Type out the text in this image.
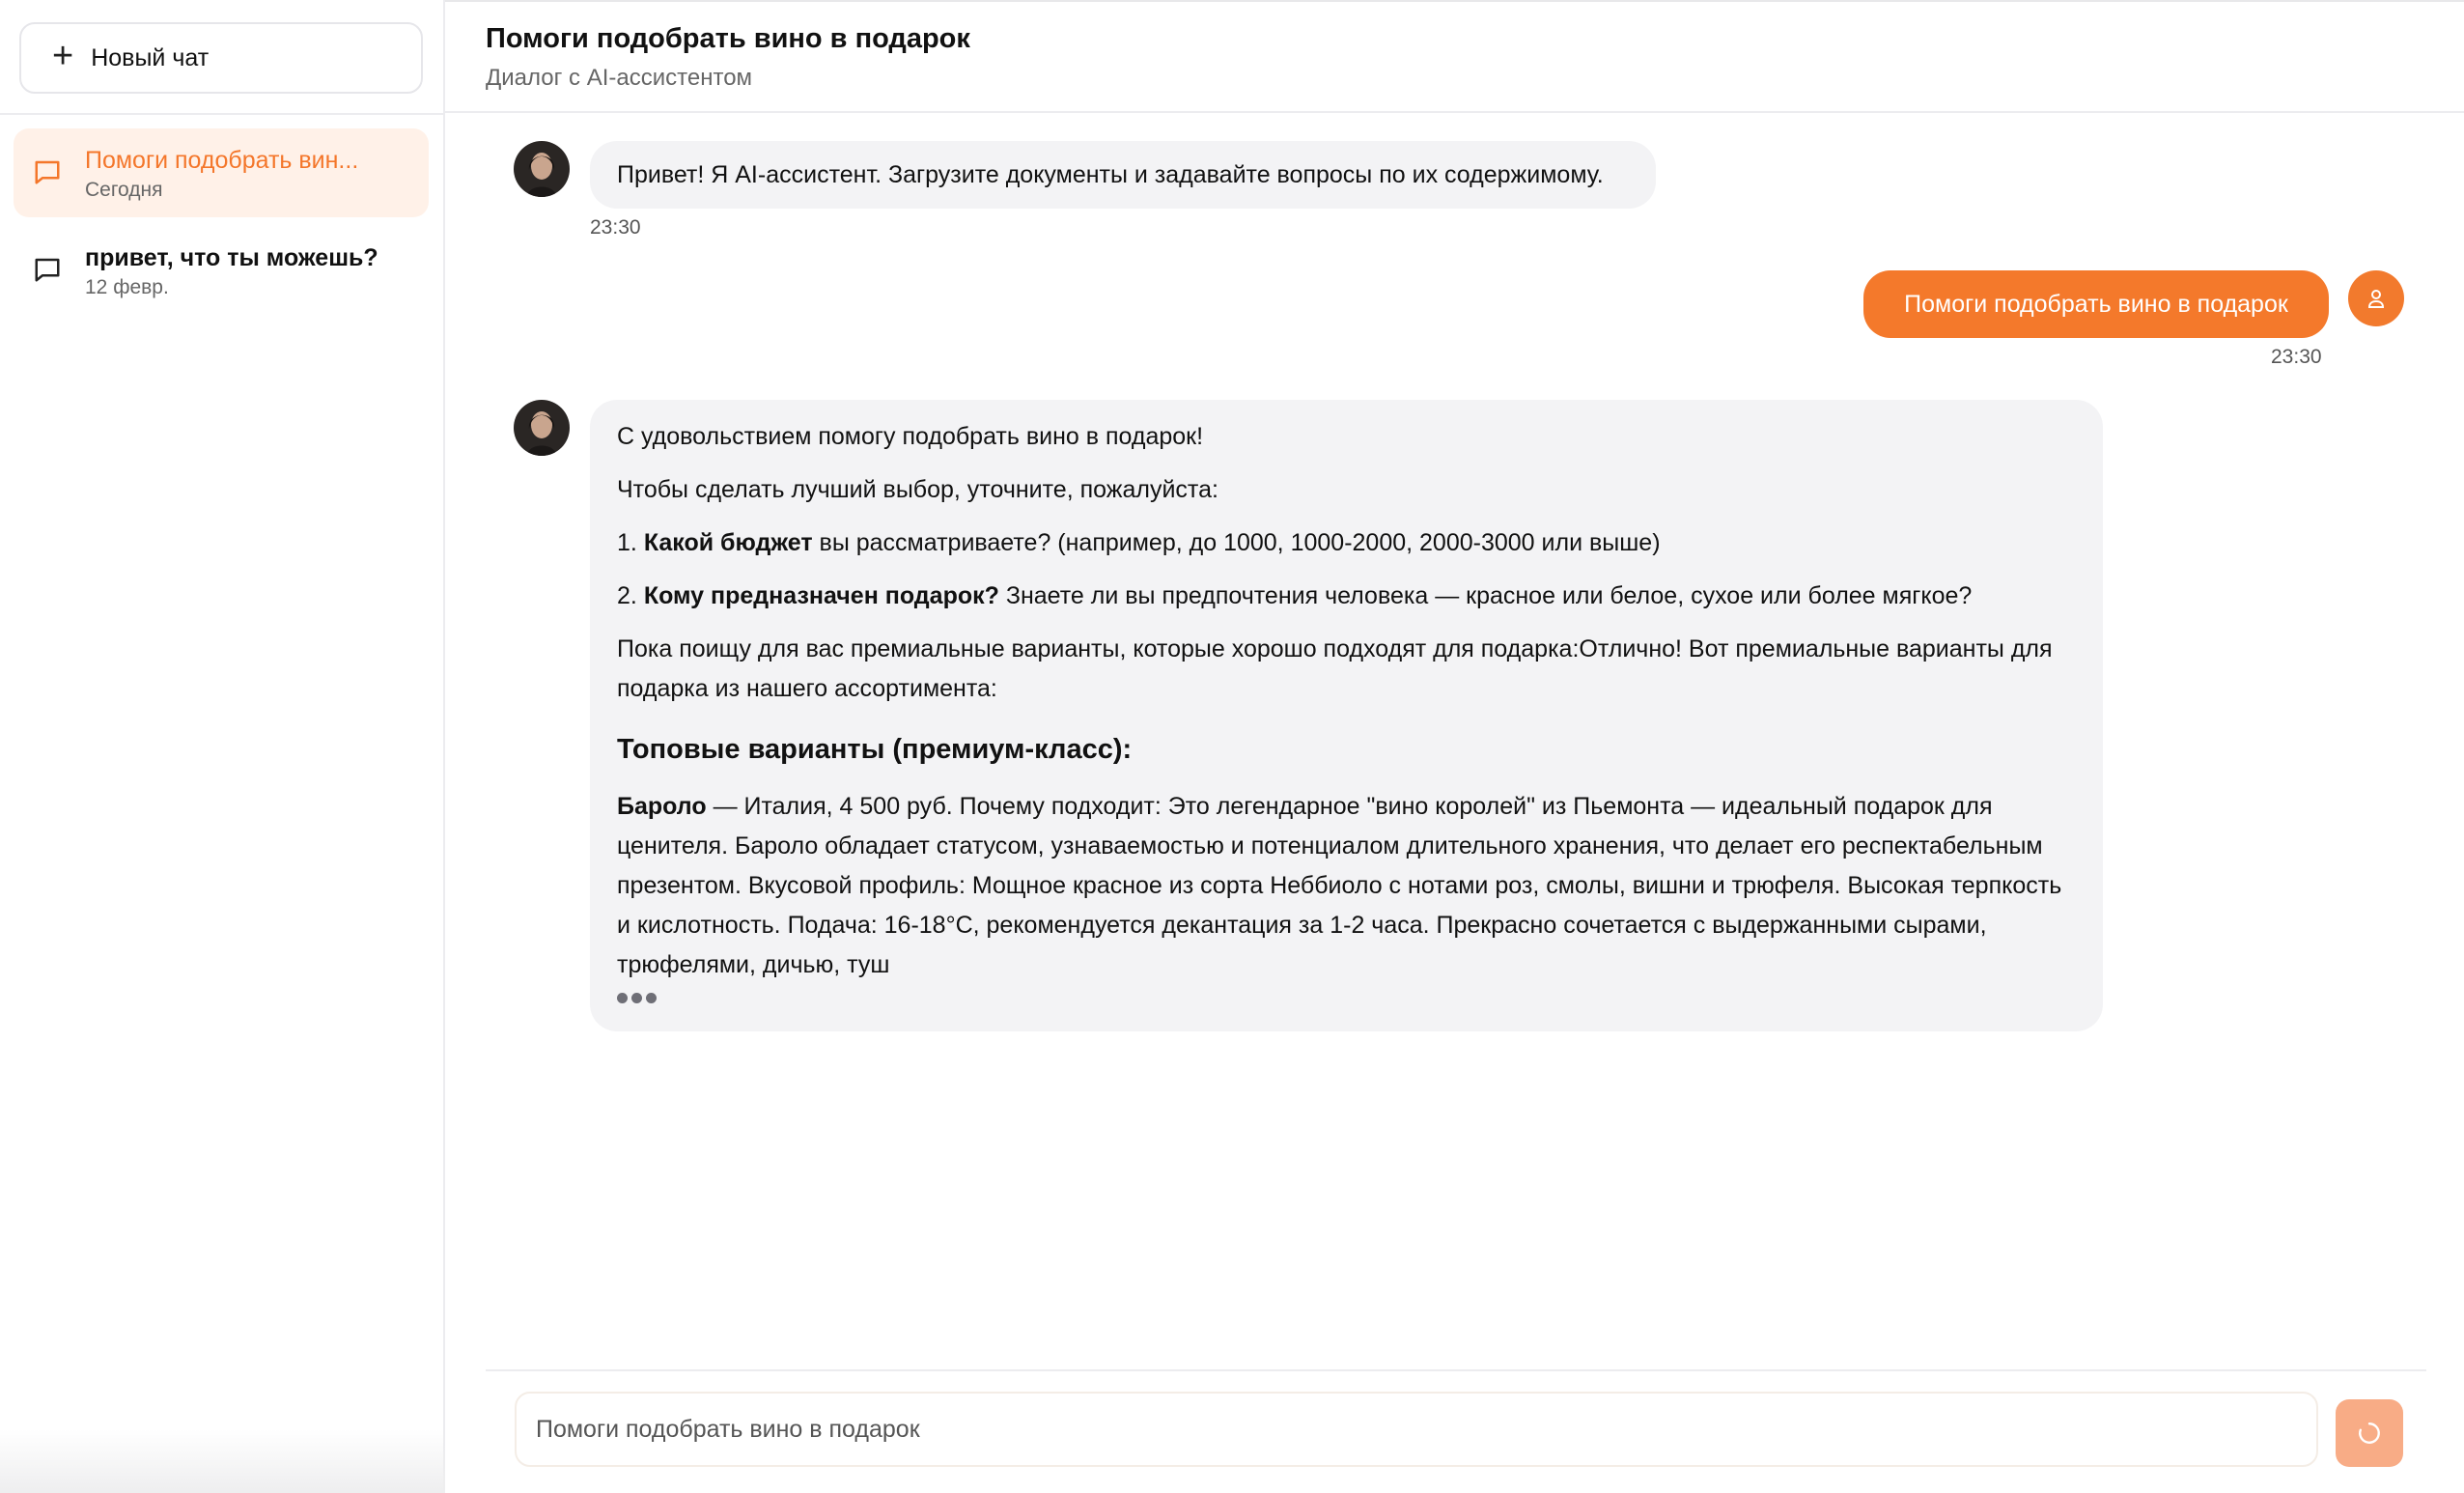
+ Новый чат
Помоги подобрать вин...
Сегодня
привет, что ты можешь?
12 февр.
Помоги подобрать вино в подарок
Диалог с AI-ассистентом
Привет! Я AI-ассистент. Загрузите документы и задавайте вопросы по их содержимому.
23:30
Помоги подобрать вино в подарок
23:30

С удовольствием помогу подобрать вино в подарок!

Чтобы сделать лучший выбор, уточните, пожалуйста:

1. Какой бюджет вы рассматриваете? (например, до 1000, 1000-2000, 2000-3000 или выше)

2. Кому предназначен подарок? Знаете ли вы предпочтения человека — красное или белое, сухое или более мягкое?

Пока поищу для вас премиальные варианты, которые хорошо подходят для подарка:Отлично! Вот премиальные варианты для подарка из нашего ассортимента:

Топовые варианты (премиум-класс):

Бароло — Италия, 4 500 руб. Почему подходит: Это легендарное "вино королей" из Пьемонта — идеальный подарок для ценителя. Бароло обладает статусом, узнаваемостью и потенциалом длительного хранения, что делает его респектабельным презентом. Вкусовой профиль: Мощное красное из сорта Неббиоло с нотами роз, смолы, вишни и трюфеля. Высокая терпкость и кислотность. Подача: 16-18°C, рекомендуется декантация за 1-2 часа. Прекрасно сочетается с выдержанными сырами, трюфелями, дичью, туш

Помоги подобрать вино в подарок
